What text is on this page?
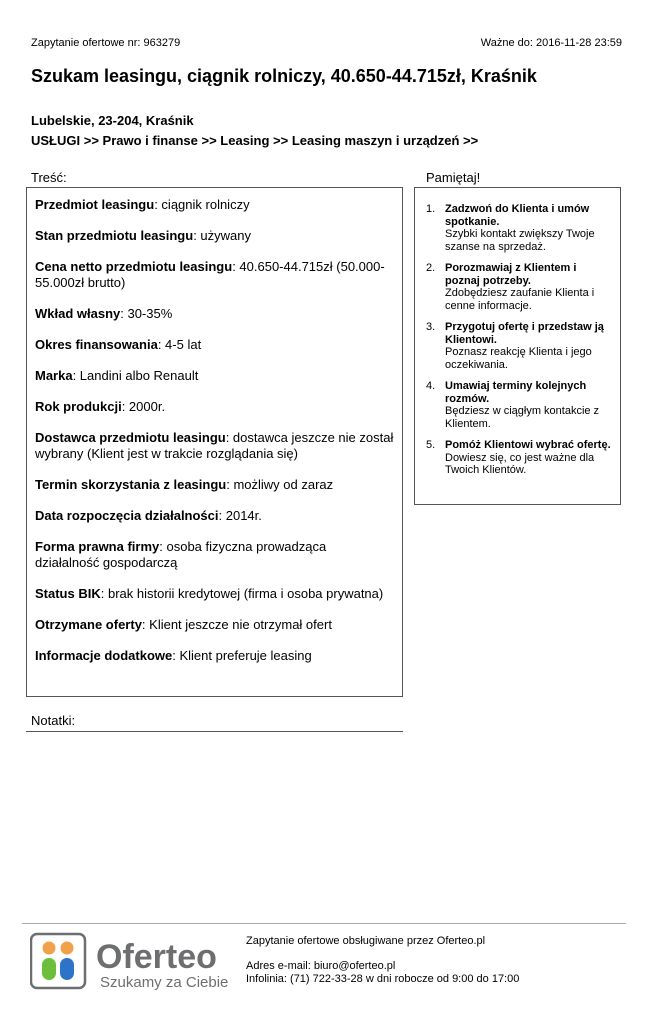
Zapytanie ofertowe nr: 963279	Ważne do: 2016-11-28 23:59
Szukam leasingu, ciągnik rolniczy, 40.650-44.715zł, Kraśnik
Lubelskie, 23-204, Kraśnik
USŁUGI >> Prawo i finanse >> Leasing >> Leasing maszyn i urządzeń >>
Treść:	Pamiętaj!
Przedmiot leasingu: ciągnik rolniczy
Stan przedmiotu leasingu: używany
Cena netto przedmiotu leasingu: 40.650-44.715zł (50.000-55.000zł brutto)
Wkład własny: 30-35%
Okres finansowania: 4-5 lat
Marka: Landini albo Renault
Rok produkcji: 2000r.
Dostawca przedmiotu leasingu: dostawca jeszcze nie został wybrany (Klient jest w trakcie rozglądania się)
Termin skorzystania z leasingu: możliwy od zaraz
Data rozpoczęcia działalności: 2014r.
Forma prawna firmy: osoba fizyczna prowadząca działalność gospodarczą
Status BIK: brak historii kredytowej (firma i osoba prywatna)
Otrzymane oferty: Klient jeszcze nie otrzymał ofert
Informacje dodatkowe: Klient preferuje leasing
1. Zadzwoń do Klienta i umów spotkanie.
Szybki kontakt zwiększy Twoje szanse na sprzedaż.
2. Porozmawiaj z Klientem i poznaj potrzeby.
Zdobędziesz zaufanie Klienta i cenne informacje.
3. Przygotuj ofertę i przedstaw ją Klientowi.
Poznasz reakcję Klienta i jego oczekiwania.
4. Umawiaj terminy kolejnych rozmów.
Będziesz w ciągłym kontakcie z Klientem.
5. Pomóż Klientowi wybrać ofertę.
Dowiesz się, co jest ważne dla Twoich Klientów.
Notatki:
Oferteo
Szukamy za Ciebie
Zapytanie ofertowe obsługiwane przez Oferteo.pl
Adres e-mail: biuro@oferteo.pl
Infolinia: (71) 722-33-28 w dni robocze od 9:00 do 17:00
